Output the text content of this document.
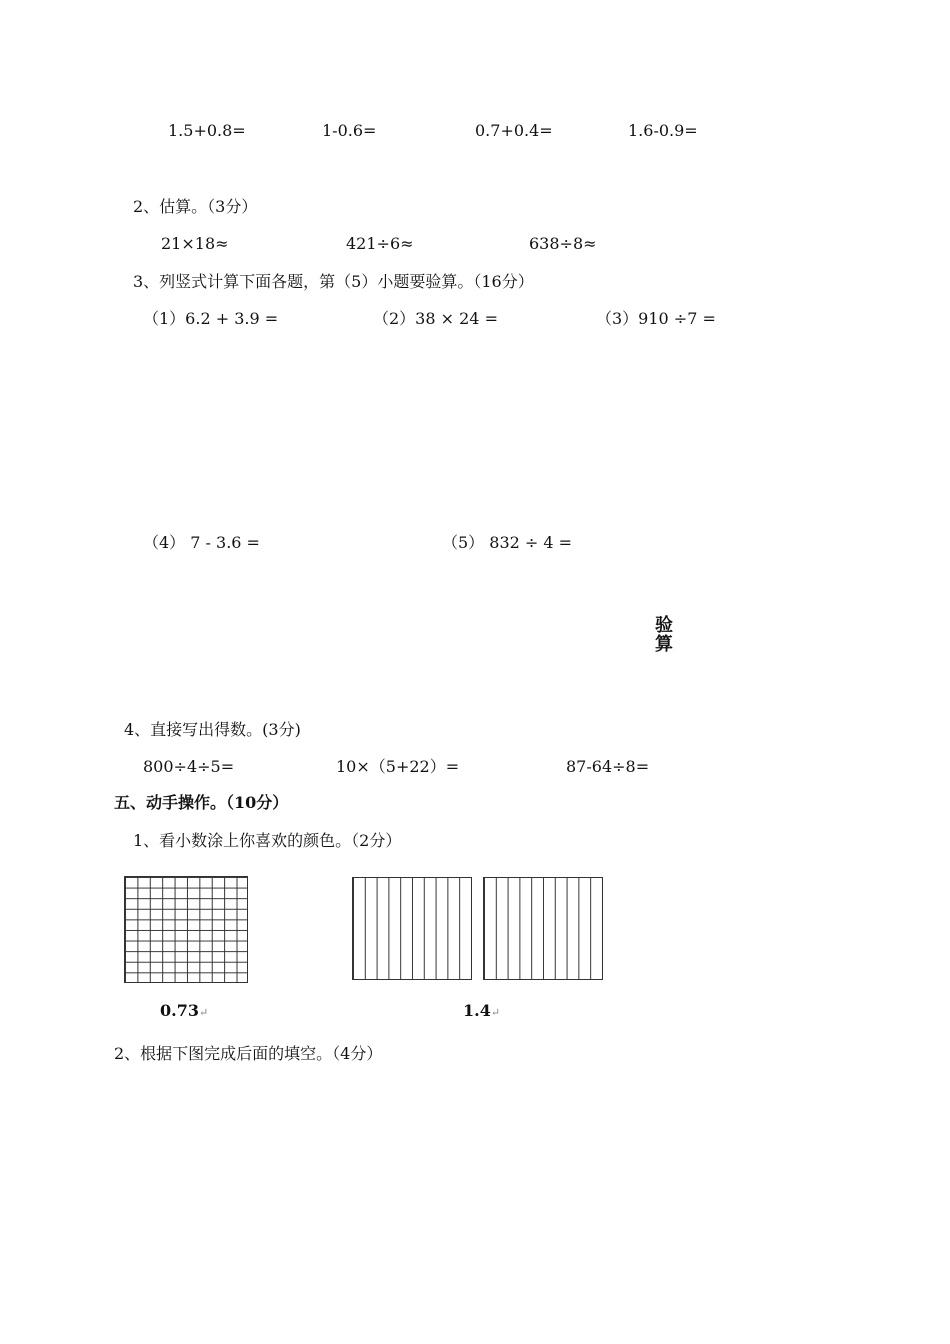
1.5+0.8=	1-0.6=	0.7+0.4=	1.6-0.9=
2、估算。（3分）
21×18≈	421÷6≈	638÷8≈
3、列竖式计算下面各题，第（5）小题要验算。（16分）
（1）6.2 + 3.9 =	（2）38 × 24 =	（3）910 ÷7 =
（4） 7 - 3.6 =	（5） 832 ÷ 4 =
验
算
4、直接写出得数。(3分)
800÷4÷5=	10×（5+22）=	87-64÷8=
五、动手操作。（10分）
1、看小数涂上你喜欢的颜色。（2分）
0.73↵	1.4↵
2、根据下图完成后面的填空。（4分）
